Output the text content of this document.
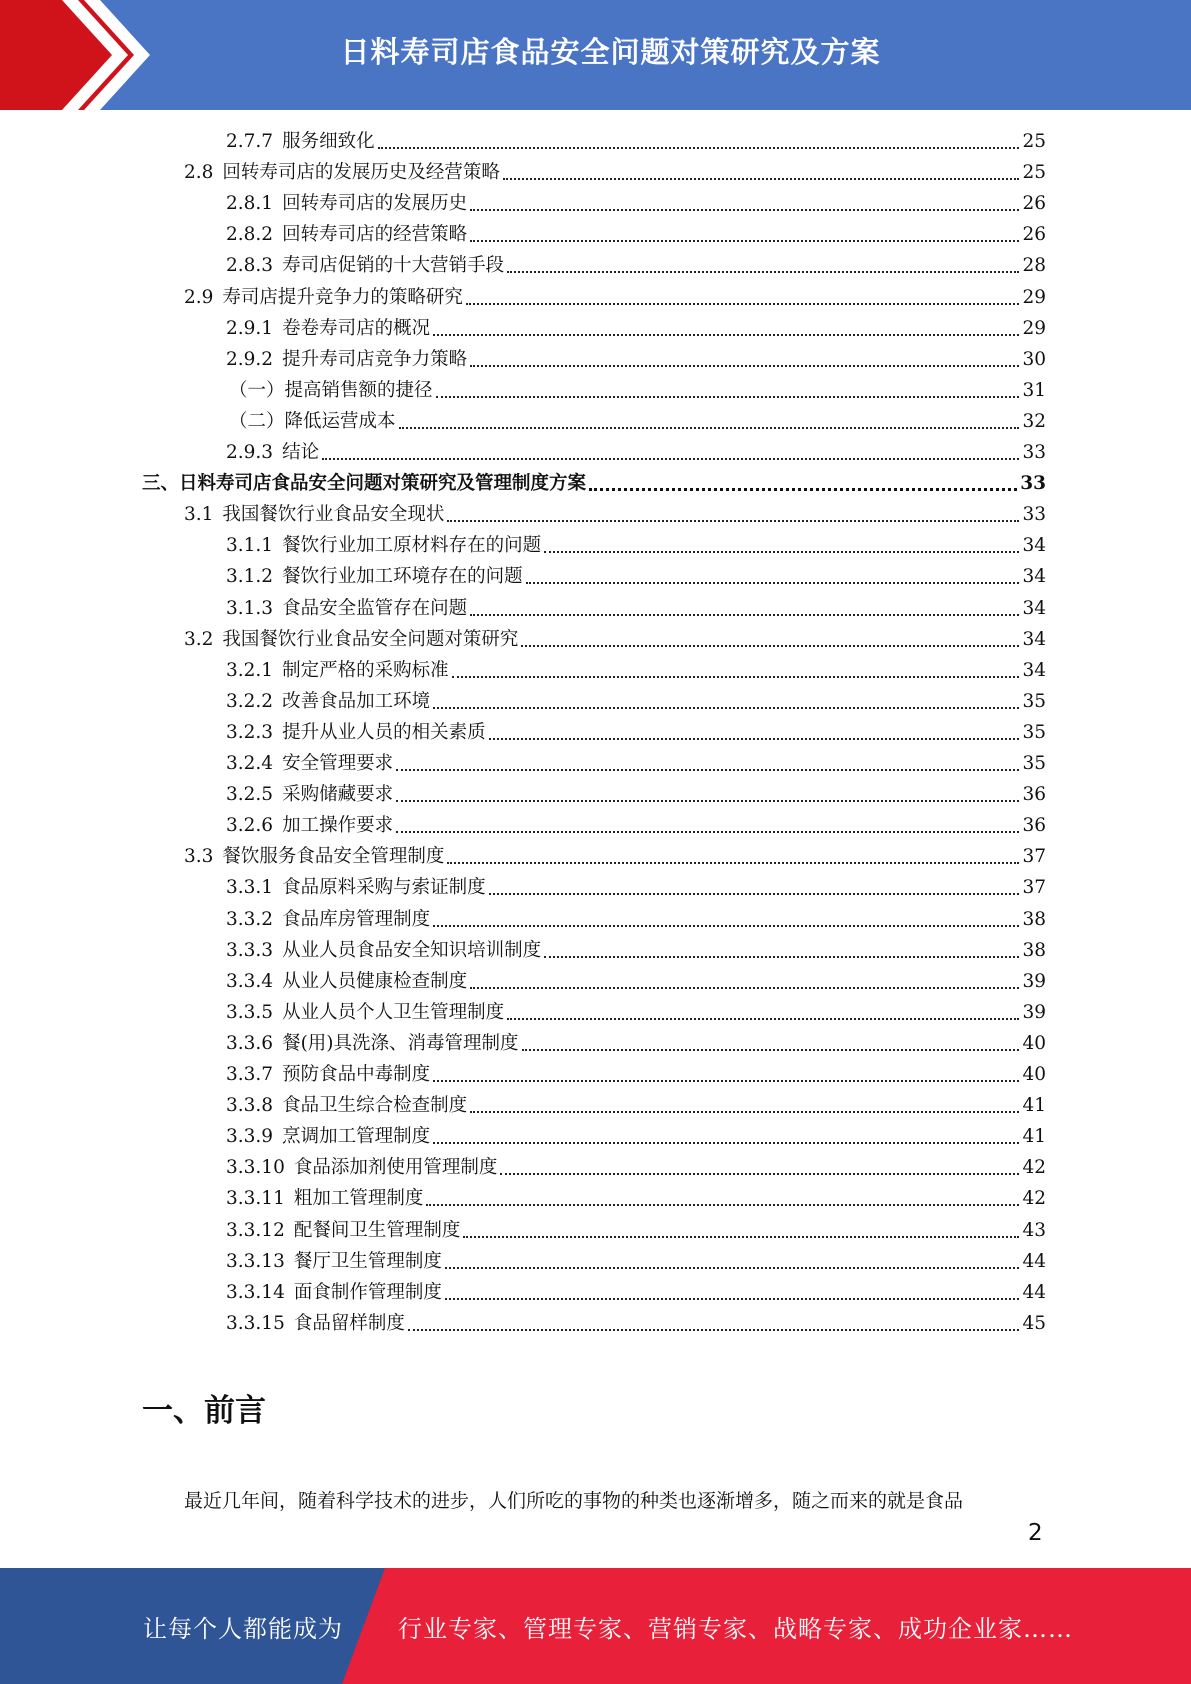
日料寿司店食品安全问题对策研究及方案
2.7.7 服务细致化	25
2.8 回转寿司店的发展历史及经营策略	25
2.8.1 回转寿司店的发展历史	26
2.8.2 回转寿司店的经营策略	26
2.8.3 寿司店促销的十大营销手段	28
2.9 寿司店提升竞争力的策略研究	29
2.9.1 卷卷寿司店的概况	29
2.9.2 提升寿司店竞争力策略	30
（一）提高销售额的捷径	31
（二）降低运营成本	32
2.9.3 结论	33
三、日料寿司店食品安全问题对策研究及管理制度方案	33
3.1 我国餐饮行业食品安全现状	33
3.1.1 餐饮行业加工原材料存在的问题	34
3.1.2 餐饮行业加工环境存在的问题	34
3.1.3 食品安全监管存在问题	34
3.2 我国餐饮行业食品安全问题对策研究	34
3.2.1 制定严格的采购标准	34
3.2.2 改善食品加工环境	35
3.2.3 提升从业人员的相关素质	35
3.2.4 安全管理要求	35
3.2.5 采购储藏要求	36
3.2.6 加工操作要求	36
3.3 餐饮服务食品安全管理制度	37
3.3.1 食品原料采购与索证制度	37
3.3.2 食品库房管理制度	38
3.3.3 从业人员食品安全知识培训制度	38
3.3.4 从业人员健康检查制度	39
3.3.5 从业人员个人卫生管理制度	39
3.3.6 餐(用)具洗涤、消毒管理制度	40
3.3.7 预防食品中毒制度	40
3.3.8 食品卫生综合检查制度	41
3.3.9 烹调加工管理制度	41
3.3.10 食品添加剂使用管理制度	42
3.3.11 粗加工管理制度	42
3.3.12 配餐间卫生管理制度	43
3.3.13 餐厅卫生管理制度	44
3.3.14 面食制作管理制度	44
3.3.15 食品留样制度	45
一、前言
最近几年间，随着科学技术的进步，人们所吃的事物的种类也逐渐增多，随之而来的就是食品
2
让每个人都能成为 行业专家、管理专家、营销专家、战略专家、成功企业家……
